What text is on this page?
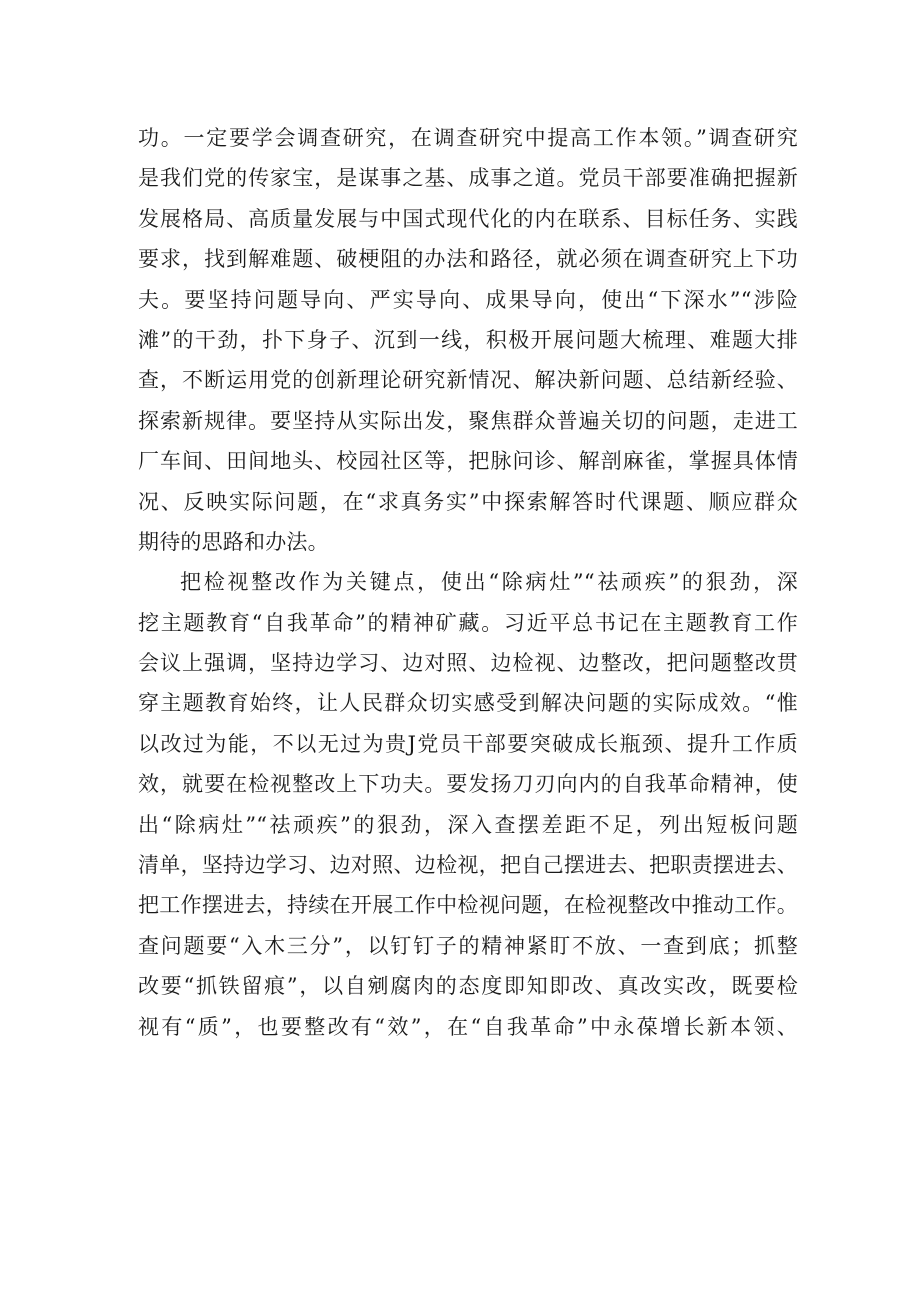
功。一定要学会调查研究，在调查研究中提高工作本领。”调查研究
是我们党的传家宝，是谋事之基、成事之道。党员干部要准确把握新
发展格局、高质量发展与中国式现代化的内在联系、目标任务、实践
要求，找到解难题、破梗阻的办法和路径，就必须在调查研究上下功
夫。要坚持问题导向、严实导向、成果导向，使出“下深水”“涉险
滩”的干劲，扑下身子、沉到一线，积极开展问题大梳理、难题大排
查，不断运用党的创新理论研究新情况、解决新问题、总结新经验、
探索新规律。要坚持从实际出发，聚焦群众普遍关切的问题，走进工
厂车间、田间地头、校园社区等，把脉问诊、解剖麻雀，掌握具体情
况、反映实际问题，在“求真务实”中探索解答时代课题、顺应群众
期待的思路和办法。
把检视整改作为关键点，使出“除病灶”“祛顽疾”的狠劲，深
挖主题教育“自我革命”的精神矿藏。习近平总书记在主题教育工作
会议上强调，坚持边学习、边对照、边检视、边整改，把问题整改贯
穿主题教育始终，让人民群众切实感受到解决问题的实际成效。“惟
以改过为能，不以无过为贵J党员干部要突破成长瓶颈、提升工作质
效，就要在检视整改上下功夫。要发扬刀刃向内的自我革命精神，使
出“除病灶”“祛顽疾”的狠劲，深入查摆差距不足，列出短板问题
清单，坚持边学习、边对照、边检视，把自己摆进去、把职责摆进去、
把工作摆进去，持续在开展工作中检视问题，在检视整改中推动工作。
查问题要“入木三分”，以钉钉子的精神紧盯不放、一查到底；抓整
改要“抓铁留痕”，以自剜腐肉的态度即知即改、真改实改，既要检
视有“质”，也要整改有“效”，在“自我革命”中永葆增长新本领、
